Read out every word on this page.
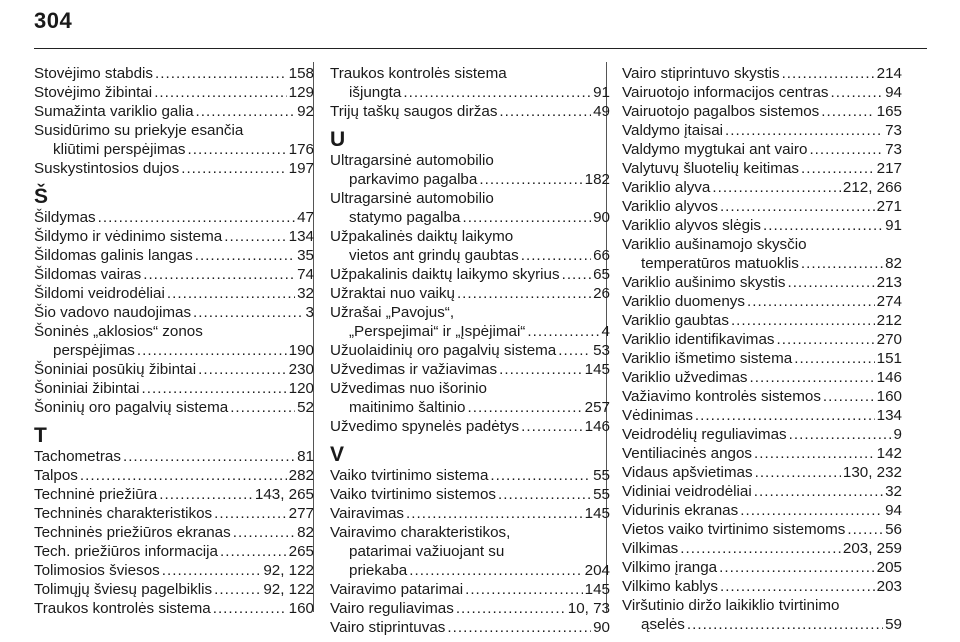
304
Stovėjimo stabdis . . .	158
Stovėjimo žibintai . . .	129
Sumažinta variklio galia . . .	92
Susidūrimo su priekyje esančia
kliūtimi perspėjimas . . .	176
Suskystintosios dujos . . .	197
Š
Šildymas . . .	47
Šildymo ir vėdinimo sistema . . .	134
Šildomas galinis langas . . .	35
Šildomas vairas . . .	74
Šildomi veidrodėliai . . .	32
Šio vadovo naudojimas . . .	3
Šoninės „aklosios“ zonos
perspėjimas . . .	190
Šoniniai posūkių žibintai . . .	230
Šoniniai žibintai . . .	120
Šoninių oro pagalvių sistema . . .	52
T
Tachometras . . .	81
Talpos . . .	282
Techninė priežiūra . . .	143, 265
Techninės charakteristikos . . .	277
Techninės priežiūros ekranas . . .	82
Tech. priežiūros informacija . . .	265
Tolimosios šviesos . . .	92, 122
Tolimųjų šviesų pagelbiklis . . .	92, 122
Traukos kontrolės sistema . . .	160
Traukos kontrolės sistema
išjungta . . .	91
Trijų taškų saugos diržas . . .	49
U
Ultragarsinė automobilio
parkavimo pagalba . . .	182
Ultragarsinė automobilio
statymo pagalba . . .	90
Užpakalinės daiktų laikymo
vietos ant grindų gaubtas . . .	66
Užpakalinis daiktų laikymo skyrius . . . 65
Užraktai nuo vaikų . . .	26
Užrašai „Pavojus“,
„Perspejimai“ ir „Įspėjimai“ . . .	4
Užuolaidinių oro pagalvių sistema . . . 53
Užvedimas ir važiavimas . . .	145
Užvedimas nuo išorinio
maitinimo šaltinio . . .	257
Užvedimo spynelės padėtys . . .	146
V
Vaiko tvirtinimo sistema . . .	55
Vaiko tvirtinimo sistemos . . .	55
Vairavimas . . .	145
Vairavimo charakteristikos,
patarimai važiuojant su
priekaba . . .	204
Vairavimo patarimai . . .	145
Vairo reguliavimas . . .	10, 73
Vairo stiprintuvas . . .	90
Vairo stiprintuvo skystis . . .	214
Vairuotojo informacijos centras . . .	94
Vairuotojo pagalbos sistemos . . .	165
Valdymo įtaisai . . .	73
Valdymo mygtukai ant vairo . . .	73
Valytuvų šluotelių keitimas . . .	217
Variklio alyva . . .	212, 266
Variklio alyvos . . .	271
Variklio alyvos slėgis . . .	91
Variklio aušinamojo skysčio
temperatūros matuoklis . . .	82
Variklio aušinimo skystis . . .	213
Variklio duomenys . . .	274
Variklio gaubtas . . .	212
Variklio identifikavimas . . .	270
Variklio išmetimo sistema . . .	151
Variklio užvedimas . . .	146
Važiavimo kontrolės sistemos . . .	160
Vėdinimas . . .	134
Veidrodėlių reguliavimas . . .	9
Ventiliacinės angos . . .	142
Vidaus apšvietimas . . .	130, 232
Vidiniai veidrodėliai . . .	32
Vidurinis ekranas . . .	94
Vietos vaiko tvirtinimo sistemoms . . .	56
Vilkimas . . .	203, 259
Vilkimo įranga . . .	205
Vilkimo kablys . . .	203
Viršutinio diržo laikiklio tvirtinimo
ąselės . . .	59
